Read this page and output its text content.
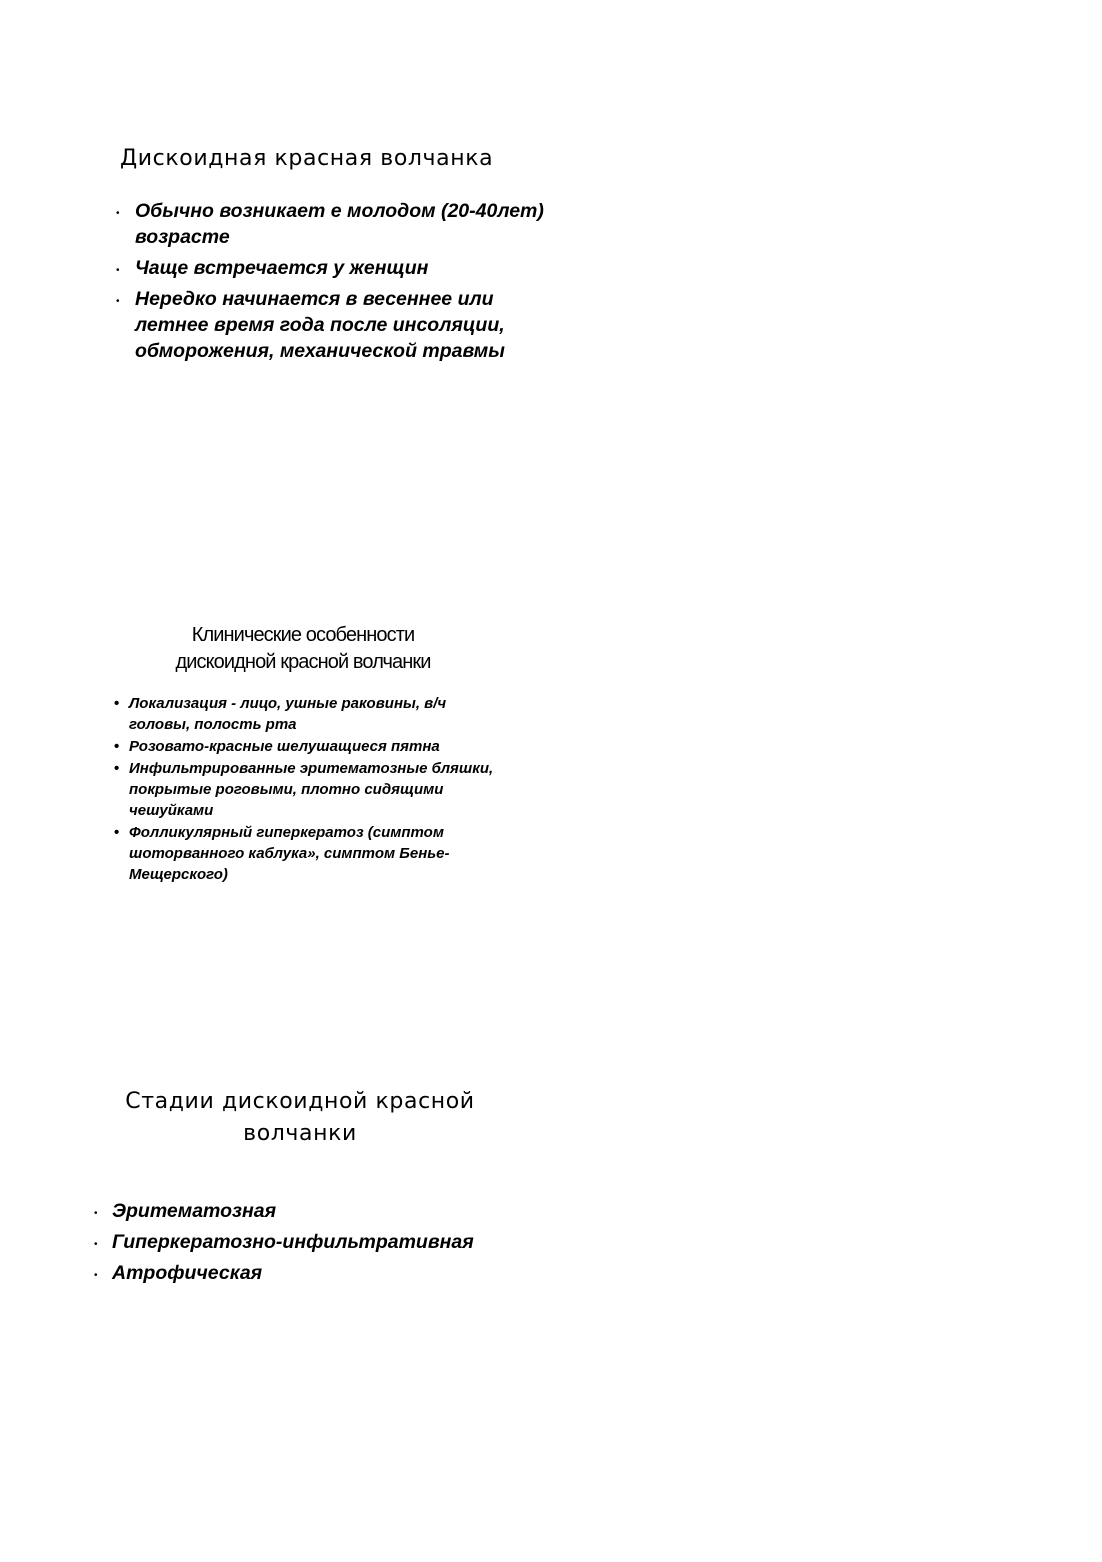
Дискоидная красная волчанка
• Обычно возникает е молодом (20-40лет) возрасте
• Чаще встречается у женщин
• Нередко начинается в весеннее или летнее время года после инсоляции, обморожения, механической травмы
Клинические особенности
дискоидной красной волчанки
• Локализация - лицо, ушные раковины, в/ч головы, полость рта
• Розовато-красные шелушащиеся пятна
• Инфильтрированные эритематозные бляшки, покрытые роговыми, плотно сидящими чешуйками
• Фолликулярный гиперкератоз (симптом шоторванного каблука», симптом Бенье-Мещерского)
Стадии дискоидной красной волчанки
• Эритематозная
• Гиперкератозно-инфильтративная
• Атрофическая
